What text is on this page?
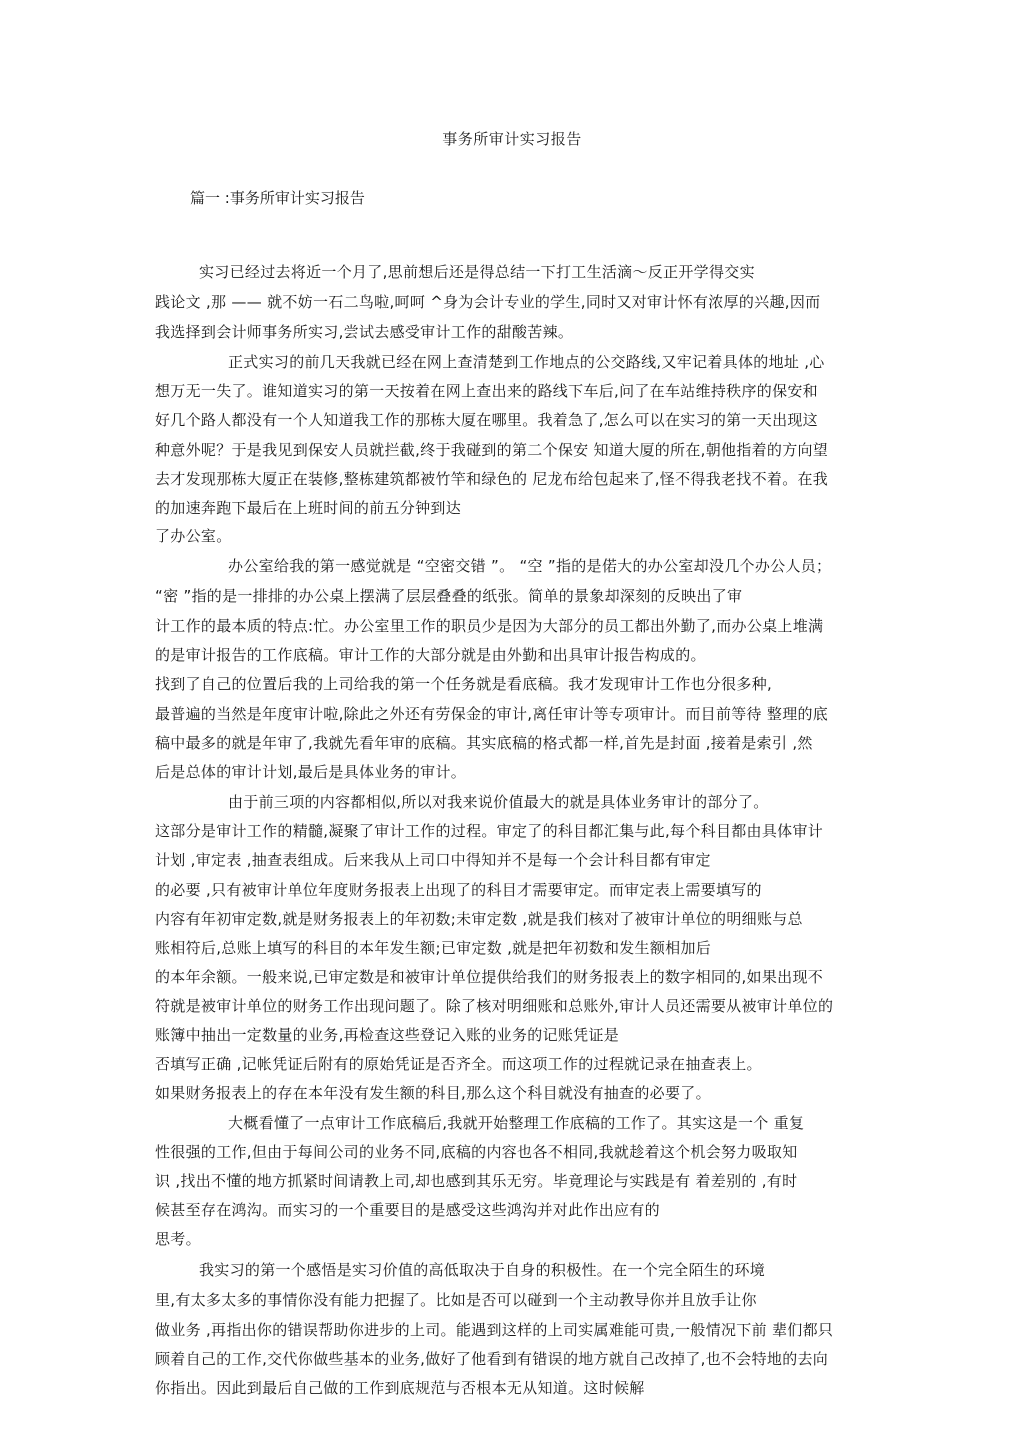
事务所审计实习报告
篇一 :事务所审计实习报告
实习已经过去将近一个月了,思前想后还是得总结一下打工生活滴～反正开学得交实
践论文 ,那 —— 就不妨一石二鸟啦,呵呵 ^身为会计专业的学生,同时又对审计怀有浓厚的兴趣,因而
我选择到会计师事务所实习,尝试去感受审计工作的甜酸苦辣。
正式实习的前几天我就已经在网上查清楚到工作地点的公交路线,又牢记着具体的地址 ,心
想万无一失了。谁知道实习的第一天按着在网上查出来的路线下车后,问了在车站维持秩序的保安和
好几个路人都没有一个人知道我工作的那栋大厦在哪里。我着急了,怎么可以在实习的第一天出现这
种意外呢？于是我见到保安人员就拦截,终于我碰到的第二个保安 知道大厦的所在,朝他指着的方向望
去才发现那栋大厦正在装修,整栋建筑都被竹竿和绿色的 尼龙布给包起来了,怪不得我老找不着。在我
的加速奔跑下最后在上班时间的前五分钟到达
了办公室。
办公室给我的第一感觉就是 “空密交错 ”。 “空 ”指的是偌大的办公室却没几个办公人员；
“密 ”指的是一排排的办公桌上摆满了层层叠叠的纸张。简单的景象却深刻的反映出了审
计工作的最本质的特点:忙。办公室里工作的职员少是因为大部分的员工都出外勤了,而办公桌上堆满
的是审计报告的工作底稿。审计工作的大部分就是由外勤和出具审计报告构成的。
找到了自己的位置后我的上司给我的第一个任务就是看底稿。我才发现审计工作也分很多种,
最普遍的当然是年度审计啦,除此之外还有劳保金的审计,离任审计等专项审计。而目前等待 整理的底
稿中最多的就是年审了,我就先看年审的底稿。其实底稿的格式都一样,首先是封面 ,接着是索引 ,然
后是总体的审计计划,最后是具体业务的审计。
由于前三项的内容都相似,所以对我来说价值最大的就是具体业务审计的部分了。
这部分是审计工作的精髓,凝聚了审计工作的过程。审定了的科目都汇集与此,每个科目都由具体审计
计划 ,审定表 ,抽查表组成。后来我从上司口中得知并不是每一个会计科目都有审定
的必要 ,只有被审计单位年度财务报表上出现了的科目才需要审定。而审定表上需要填写的
内容有年初审定数,就是财务报表上的年初数;未审定数 ,就是我们核对了被审计单位的明细账与总
账相符后,总账上填写的科目的本年发生额;已审定数 ,就是把年初数和发生额相加后
的本年余额。一般来说,已审定数是和被审计单位提供给我们的财务报表上的数字相同的,如果出现不
符就是被审计单位的财务工作出现问题了。除了核对明细账和总账外,审计人员还需要从被审计单位的
账簿中抽出一定数量的业务,再检查这些登记入账的业务的记账凭证是
否填写正确 ,记帐凭证后附有的原始凭证是否齐全。而这项工作的过程就记录在抽查表上。
如果财务报表上的存在本年没有发生额的科目,那么这个科目就没有抽查的必要了。
大概看懂了一点审计工作底稿后,我就开始整理工作底稿的工作了。其实这是一个 重复
性很强的工作,但由于每间公司的业务不同,底稿的内容也各不相同,我就趁着这个机会努力吸取知
识 ,找出不懂的地方抓紧时间请教上司,却也感到其乐无穷。毕竟理论与实践是有 着差别的 ,有时
候甚至存在鸿沟。而实习的一个重要目的是感受这些鸿沟并对此作出应有的
思考。
我实习的第一个感悟是实习价值的高低取决于自身的积极性。在一个完全陌生的环境
里,有太多太多的事情你没有能力把握了。比如是否可以碰到一个主动教导你并且放手让你
做业务 ,再指出你的错误帮助你进步的上司。能遇到这样的上司实属难能可贵,一般情况下前 辈们都只
顾着自己的工作,交代你做些基本的业务,做好了他看到有错误的地方就自己改掉了,也不会特地的去向
你指出。因此到最后自己做的工作到底规范与否根本无从知道。这时候解
